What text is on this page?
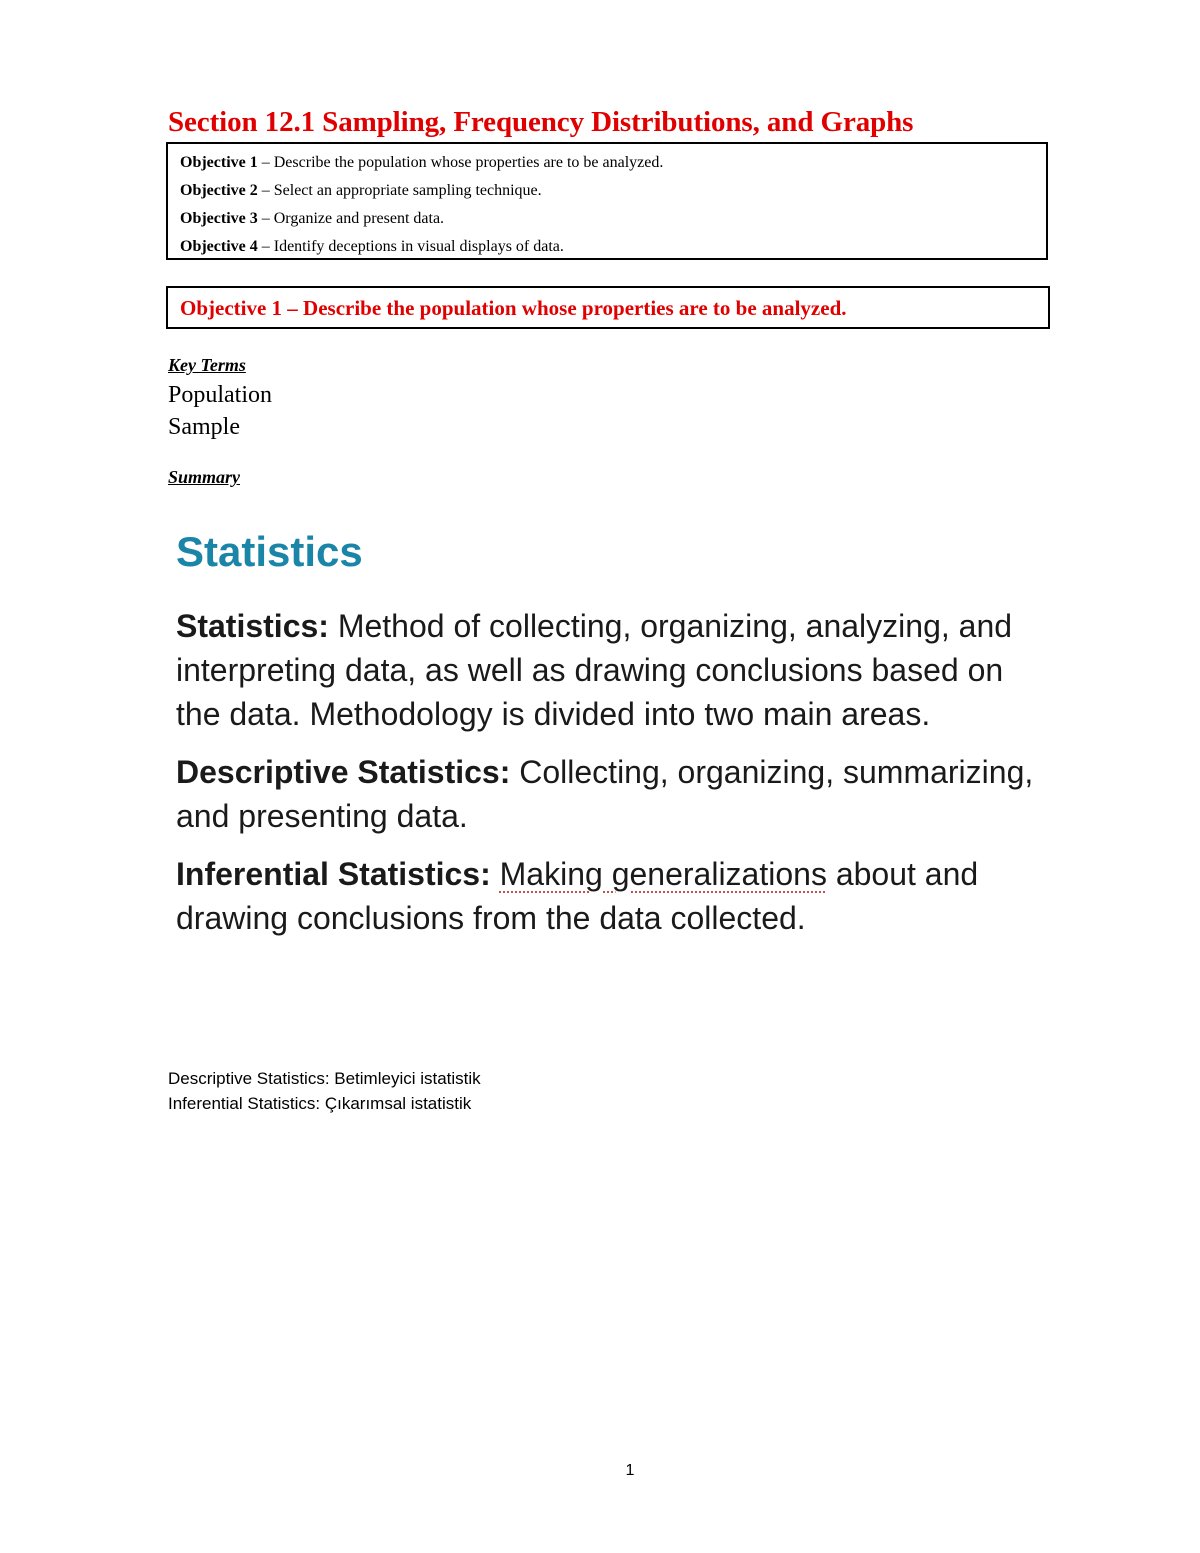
Section 12.1 Sampling, Frequency Distributions, and Graphs
Objective 1 – Describe the population whose properties are to be analyzed.
Objective 2 – Select an appropriate sampling technique.
Objective 3 – Organize and present data.
Objective 4 – Identify deceptions in visual displays of data.
Objective 1 – Describe the population whose properties are to be analyzed.
Key Terms
Population
Sample
Summary
Statistics

Statistics: Method of collecting, organizing, analyzing, and interpreting data, as well as drawing conclusions based on the data. Methodology is divided into two main areas.

Descriptive Statistics: Collecting, organizing, summarizing, and presenting data.

Inferential Statistics: Making generalizations about and drawing conclusions from the data collected.

Descriptive Statistics: Betimleyici istatistik
Inferential Statistics: Çıkarımsal istatistik
1
